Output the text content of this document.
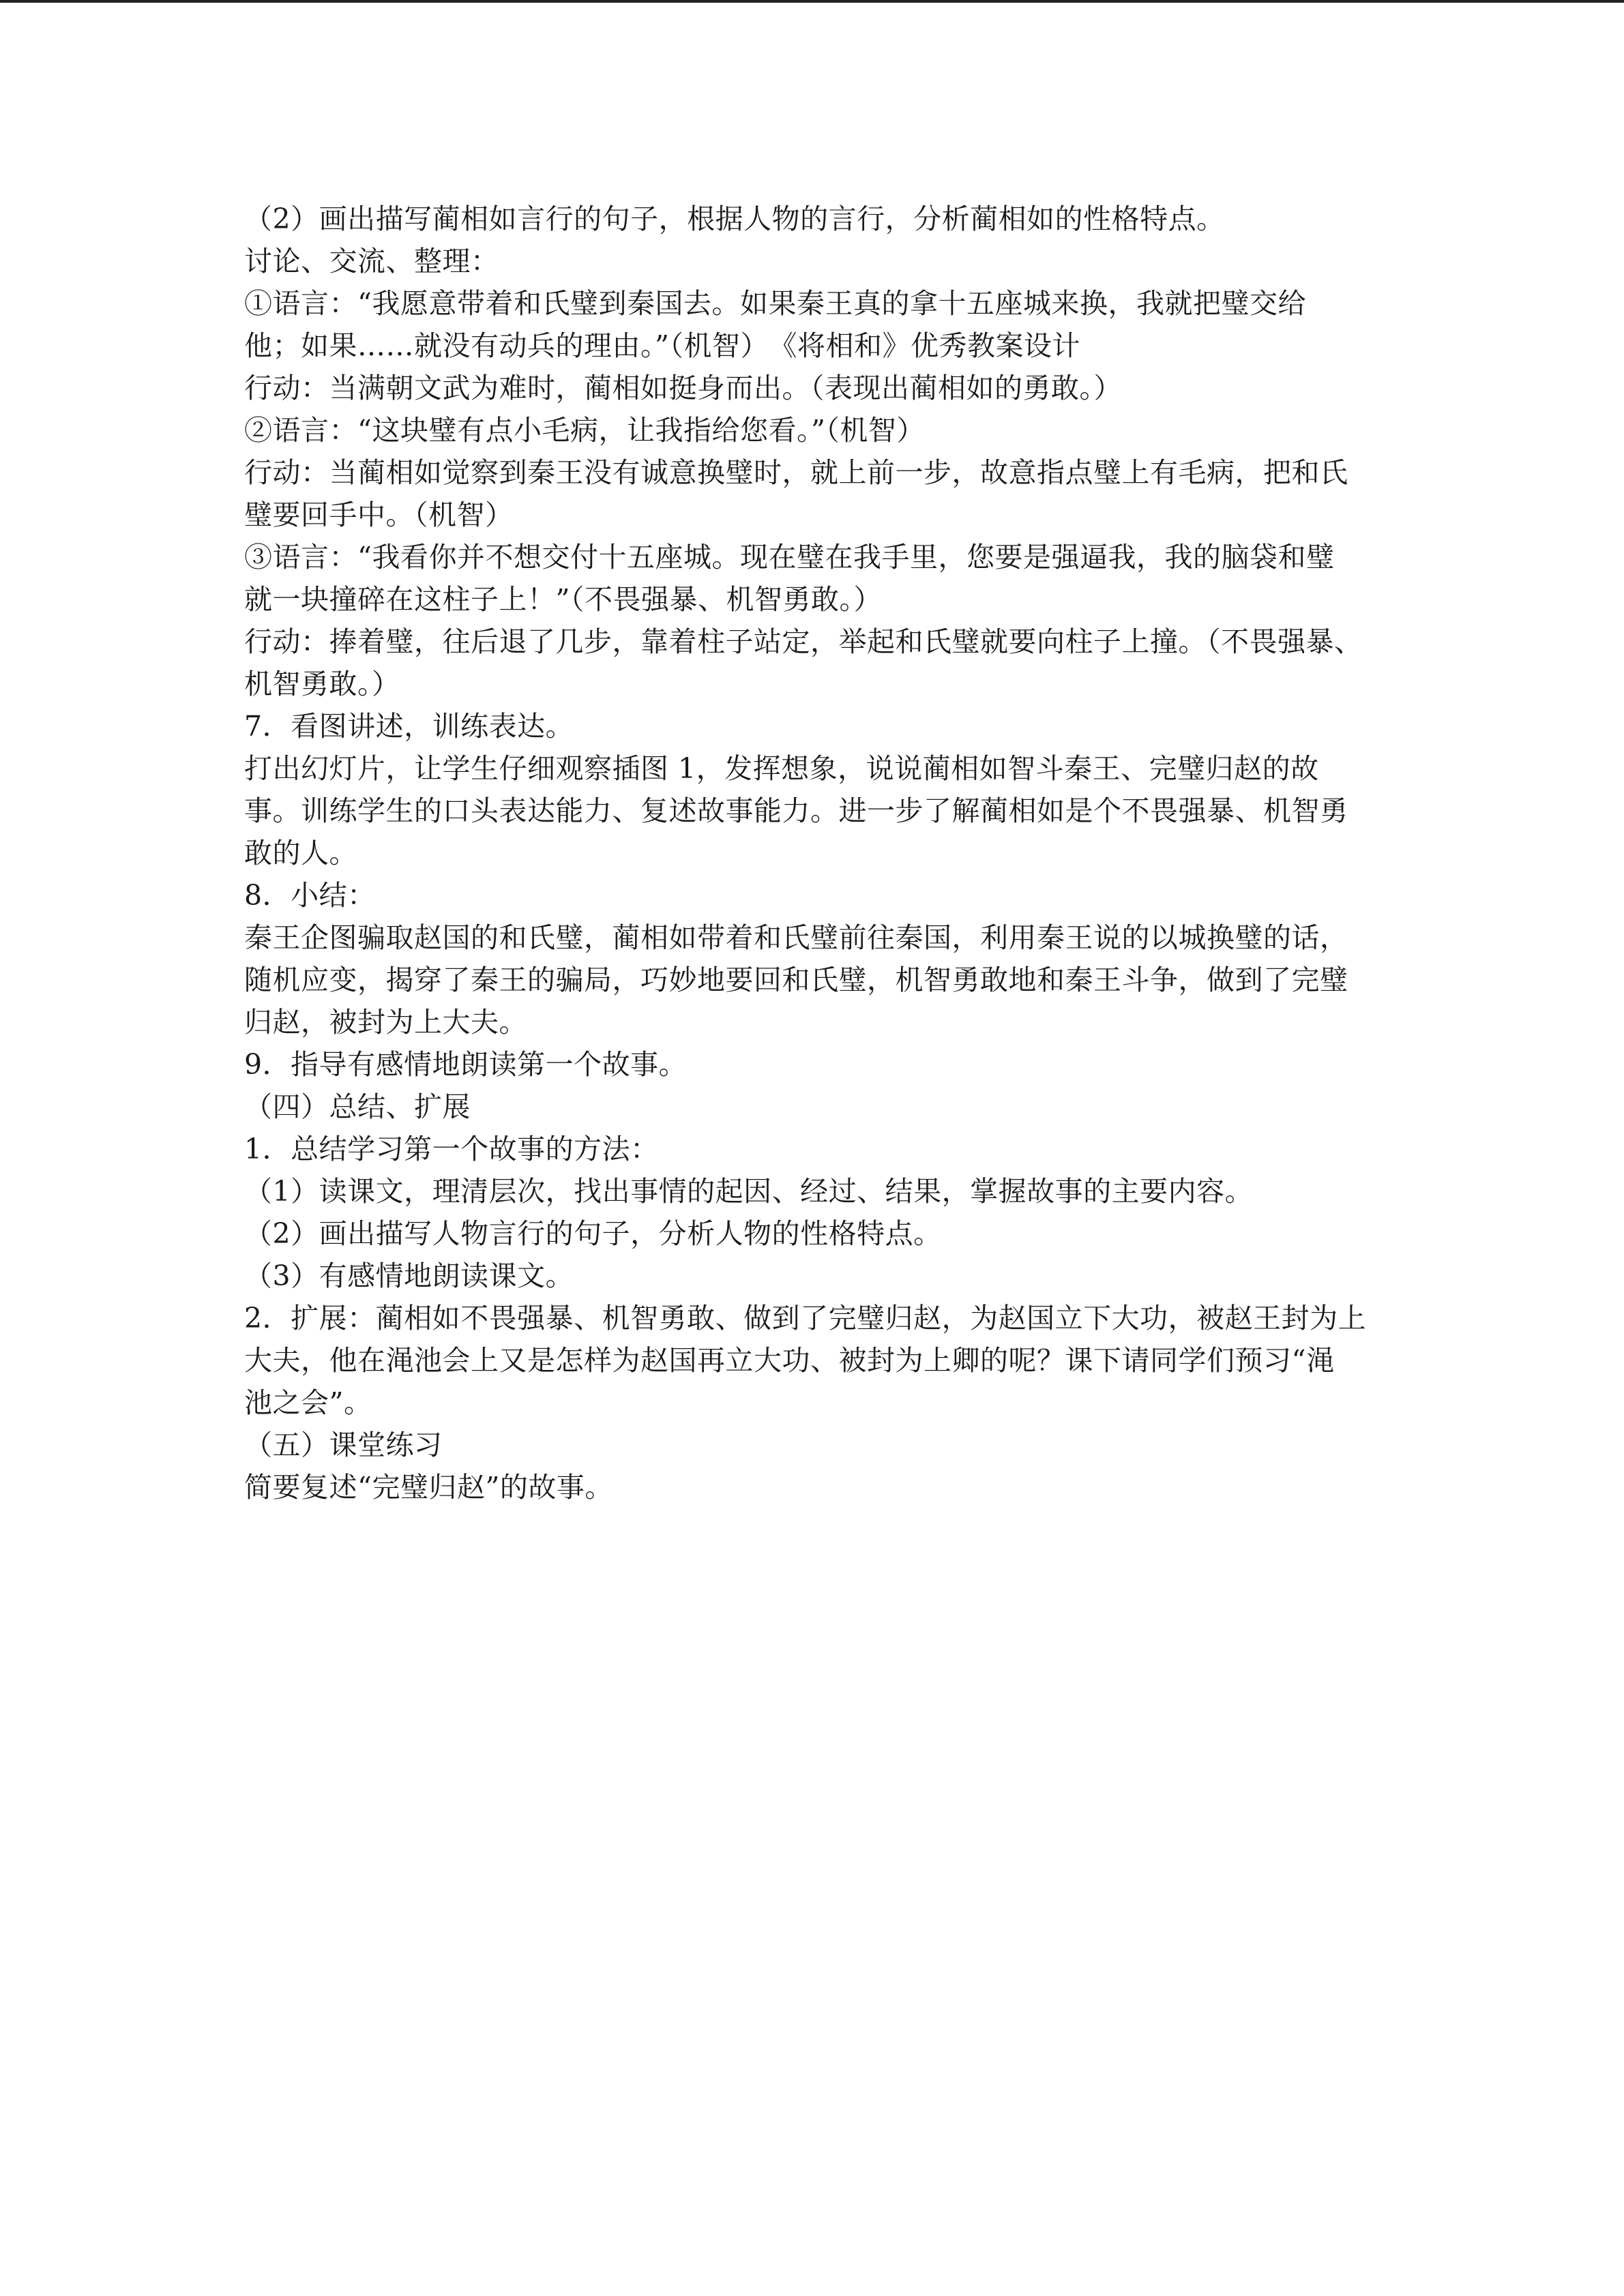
（2）画出描写蔺相如言行的句子，根据人物的言行，分析蔺相如的性格特点。
讨论、交流、整理：
①语言：“我愿意带着和氏璧到秦国去。如果秦王真的拿十五座城来换，我就把璧交给
他；如果……就没有动兵的理由。”（机智）　《将相和》优秀教案设计
行动：当满朝文武为难时，蔺相如挺身而出。（表现出蔺相如的勇敢。）
②语言：“这块璧有点小毛病，让我指给您看。”（机智）
行动：当蔺相如觉察到秦王没有诚意换璧时，就上前一步，故意指点璧上有毛病，把和氏
璧要回手中。（机智）
③语言：“我看你并不想交付十五座城。现在璧在我手里，您要是强逼我，我的脑袋和璧
就一块撞碎在这柱子上！”（不畏强暴、机智勇敢。）
行动：捧着璧，往后退了几步，靠着柱子站定，举起和氏璧就要向柱子上撞。（不畏强暴、
机智勇敢。）
7．看图讲述，训练表达。
打出幻灯片，让学生仔细观察插图 1，发挥想象，说说蔺相如智斗秦王、完璧归赵的故
事。训练学生的口头表达能力、复述故事能力。进一步了解蔺相如是个不畏强暴、机智勇
敢的人。
8．小结：
秦王企图骗取赵国的和氏璧，蔺相如带着和氏璧前往秦国，利用秦王说的以城换璧的话，
随机应变，揭穿了秦王的骗局，巧妙地要回和氏璧，机智勇敢地和秦王斗争，做到了完璧
归赵，被封为上大夫。
9．指导有感情地朗读第一个故事。
（四）总结、扩展
1．总结学习第一个故事的方法：
（1）读课文，理清层次，找出事情的起因、经过、结果，掌握故事的主要内容。
（2）画出描写人物言行的句子，分析人物的性格特点。
（3）有感情地朗读课文。
2．扩展：蔺相如不畏强暴、机智勇敢、做到了完璧归赵，为赵国立下大功，被赵王封为上
大夫，他在渑池会上又是怎样为赵国再立大功、被封为上卿的呢？课下请同学们预习“渑
池之会”。
（五）课堂练习
简要复述“完璧归赵”的故事。
